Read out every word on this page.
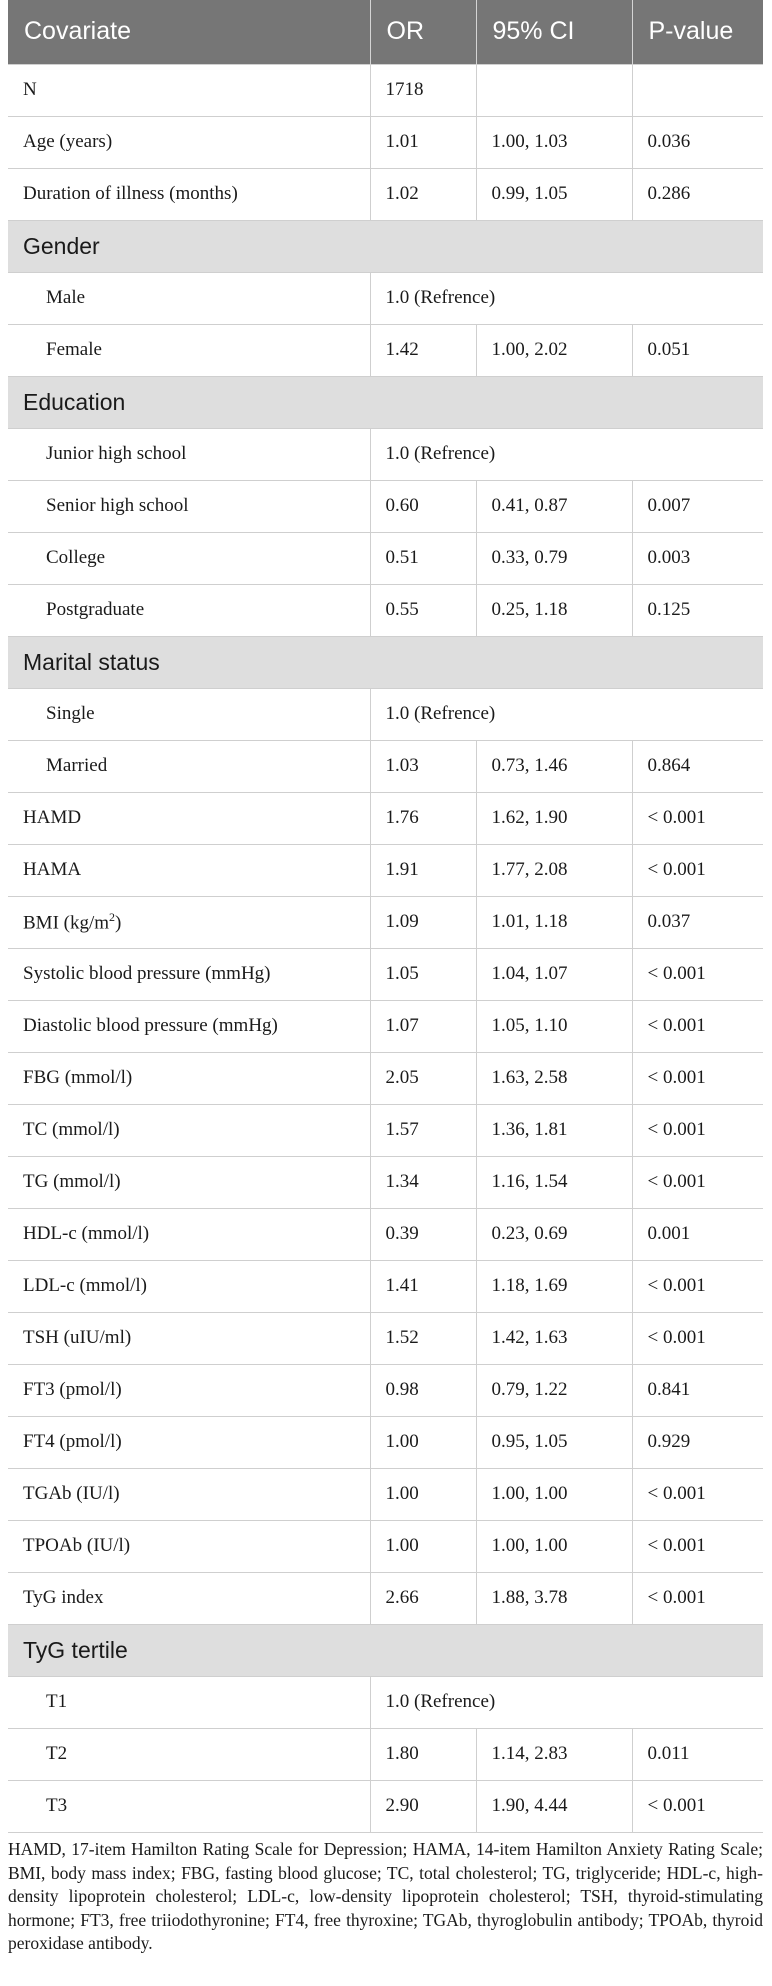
Covariate	OR	95% CI	P-value
N	1718		
Age (years)	1.01	1.00, 1.03	0.036
Duration of illness (months)	1.02	0.99, 1.05	0.286
Gender			
Male	1.0 (Refrence)		
Female	1.42	1.00, 2.02	0.051
Education			
Junior high school	1.0 (Refrence)		
Senior high school	0.60	0.41, 0.87	0.007
College	0.51	0.33, 0.79	0.003
Postgraduate	0.55	0.25, 1.18	0.125
Marital status			
Single	1.0 (Refrence)		
Married	1.03	0.73, 1.46	0.864
HAMD	1.76	1.62, 1.90	< 0.001
HAMA	1.91	1.77, 2.08	< 0.001
BMI $(kg/m^2)$	1.09	1.01, 1.18	0.037
Systolic blood pressure (mmHg)	1.05	1.04, 1.07	< 0.001
Diastolic blood pressure (mmHg)	1.07	1.05, 1.10	< 0.001
FBG (mmol/l)	2.05	1.63, 2.58	< 0.001
TC (mmol/l)	1.57	1.36, 1.81	< 0.001
TG (mmol/l)	1.34	1.16, 1.54	< 0.001
HDL-c (mmol/l)	0.39	0.23, 0.69	0.001
LDL-c (mmol/l)	1.41	1.18, 1.69	< 0.001
TSH (uIU/ml)	1.52	1.42, 1.63	< 0.001
FT3 (pmol/l)	0.98	0.79, 1.22	0.841
FT4 (pmol/l)	1.00	0.95, 1.05	0.929
TGAb (IU/l)	1.00	1.00, 1.00	< 0.001
TPOAb (IU/l)	1.00	1.00, 1.00	< 0.001
TyG index	2.66	1.88, 3.78	< 0.001
TyG tertile			
T1	1.0 (Refrence)		
T2	1.80	1.14, 2.83	0.011
T3	2.90	1.90, 4.44	< 0.001

HAMD, 17-item Hamilton Rating Scale for Depression; HAMA, 14-item Hamilton Anxiety Rating Scale; BMI, body mass index; FBG, fasting blood glucose; TC, total cholesterol; TG, triglyceride; HDL-c, high-density lipoprotein cholesterol; LDL-c, low-density lipoprotein cholesterol; TSH, thyroid-stimulating hormone; FT3, free triiodothyronine; FT4, free thyroxine; TGAb, thyroglobulin antibody; TPOAb, thyroid peroxidase antibody.
